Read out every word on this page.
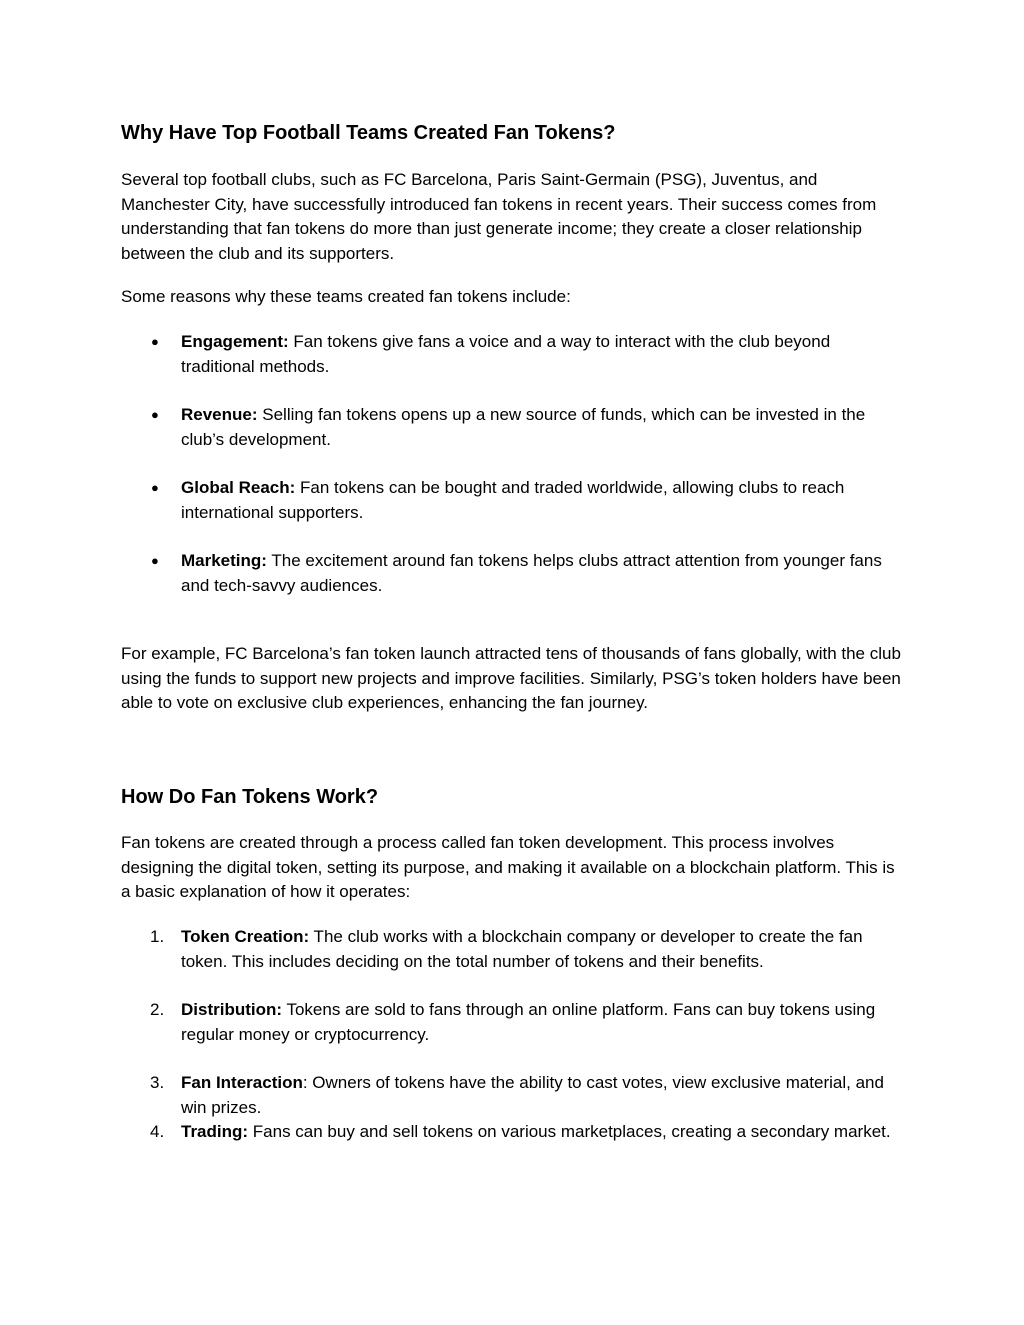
Why Have Top Football Teams Created Fan Tokens?

Several top football clubs, such as FC Barcelona, Paris Saint-Germain (PSG), Juventus, and Manchester City, have successfully introduced fan tokens in recent years. Their success comes from understanding that fan tokens do more than just generate income; they create a closer relationship between the club and its supporters.

Some reasons why these teams created fan tokens include:

●	Engagement: Fan tokens give fans a voice and a way to interact with the club beyond traditional methods.
●	Revenue: Selling fan tokens opens up a new source of funds, which can be invested in the club’s development.
●	Global Reach: Fan tokens can be bought and traded worldwide, allowing clubs to reach international supporters.
●	Marketing: The excitement around fan tokens helps clubs attract attention from younger fans and tech-savvy audiences.

For example, FC Barcelona’s fan token launch attracted tens of thousands of fans globally, with the club using the funds to support new projects and improve facilities. Similarly, PSG’s token holders have been able to vote on exclusive club experiences, enhancing the fan journey.

How Do Fan Tokens Work?

Fan tokens are created through a process called fan token development. This process involves designing the digital token, setting its purpose, and making it available on a blockchain platform. This is a basic explanation of how it operates:

1. Token Creation: The club works with a blockchain company or developer to create the fan token. This includes deciding on the total number of tokens and their benefits.
2. Distribution: Tokens are sold to fans through an online platform. Fans can buy tokens using regular money or cryptocurrency.
3. Fan Interaction: Owners of tokens have the ability to cast votes, view exclusive material, and win prizes.
4. Trading: Fans can buy and sell tokens on various marketplaces, creating a secondary market.
